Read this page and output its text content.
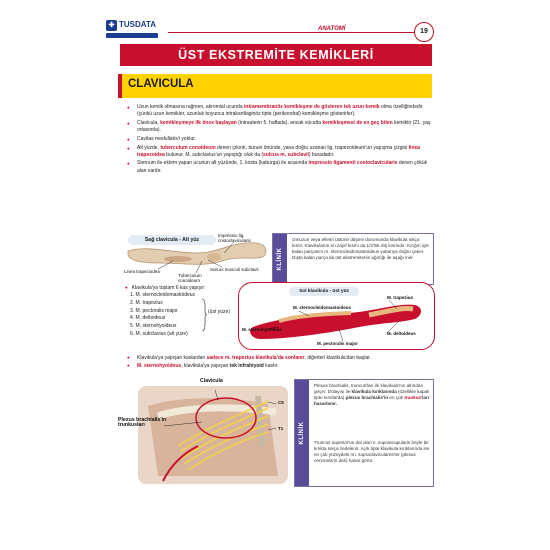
✚ TUSDATA	ANATOMİ	19
ÜST EKSTREMİTE KEMİKLERİ
CLAVICULA
● Uzun kemik olmasına rağmen, akromial ucunda intramembranöz kemikleşme de gösteren tek uzun kemik olma özelliğindedir (çünkü uzun kemikler, uzunluk boyunca intrakartilaginöz tipte (perikondral) kemikleşme gösterirler).
● Clavicula, kemikleşmeye ilk önce başlayan (intrauterin 5. haftada), ancak vücutta kemikleşmesi de en geç biten kemiktir (21. yaş ortasında).
● Cavitas medullaris'i yoktur.
● Alt yüzde, tuberculum conoideum denen çıkıntı, bunun önünde, yana doğru uzanan lig. trapezoideum'un yapışma çizgisi linea trapezoidea bulunur. M. subclavius'un yapıştığı oluk da (sulcus m. subclavii) buradadır.
● Sternum ile eklem yapan ucunun alt yüzünde, 1. kosta (kaburga) ile arasında impressio ligamenti costoclavicularis denen çökük alan vardır.
Sağ clavicula - Alt yüz
Impressio lig. costoclavicularis
Linea trapezoidea	Sulcus musculi subclavii
Tuberculum conoideum
KLİNİK
Omuzun veya ellerin üstüne düşme durumunda klavikula sıkça kırılır. Klavikulanın en zayıf kısmı da 1/3'lük dış kısmıdır. Kırığın içte kalan parçasını m. sternocleidomastoideus yukarıya doğru çeker. Dışta kalan parça da üst ekstremitenin ağırlığı ile aşağı iner.
● Klavikula'ya toplam 6 kas yapışır:
1. M. sternocleidomastoideus
2. M. trapezius
3. M. pectoralis major
4. M. deltoideus
5. M. sternohyoideus
6. M. subclavius (alt yüze)
(üst yüze)
Sol klavikula - üst yüz
M. sternocleidomastoideus
M. trapezius
M. sternohyoideus
M. deltoideus
M. pectoralis major
● Klavikula'ya yapışan kaslardan sadece m. trapezius klavikula'da sonlanır, diğerleri klavikula'dan başlar.
● M. sternohyoideus, klavikula'ya yapışan tek infrahiyoid kastır.
Clavicula
Plexus brachialis'in trunkusları
C5
T1	KLİNİK
Plexus brachialis, truncus'ları ile klavikula'nın altından geçer. Dolayısı ile klavikula kırıklarında (özellikle kapalı tipte kırıklarda) plexus brachialis'in en çok trunkus'ları hasarlanır.
Truncus superior'un dal olan n. suprascapularis böyle bir kırıkta sıkça zedelenir. Açık tipte klavikula kırıklarında ise en çok yüzeydeki nn. supraclaviculares'ler (plexus cervicalis'in dalı) hasar görür.
